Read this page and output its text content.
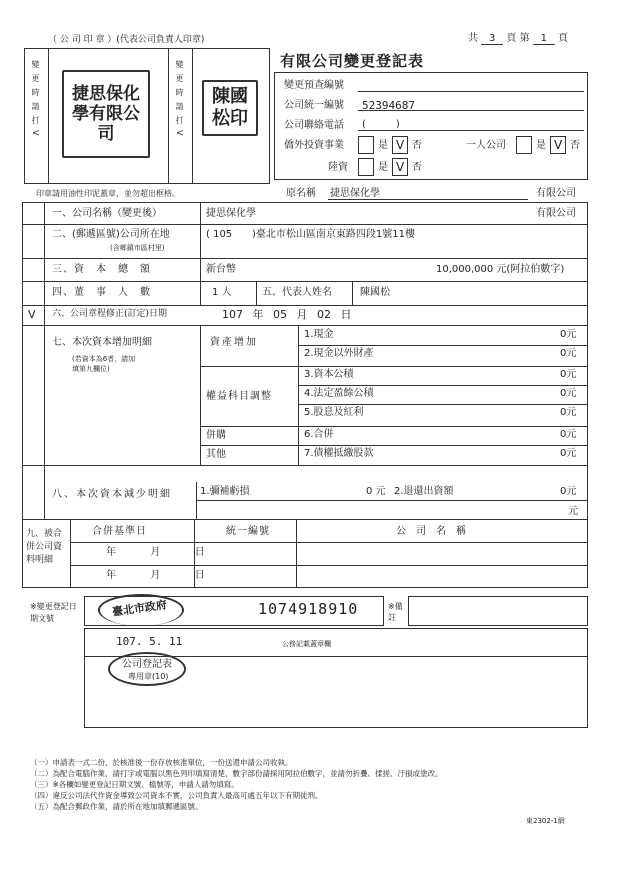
（ 公 司 印 章 ）(代表公司負責人印章)	共 3 頁 第 1 頁
變更時請打V	變更時請打V
捷思保化學有限公司
陳國松印
印章請用油性印泥蓋章，並勿超出框格。
有限公司變更登記表
變更預查編號
公司統一編號 52394687
公司聯絡電話 (　　　)
僑外投資事業	是 V 否	一人公司	是 V 否
陸資	是 V 否
原名稱 捷思保化學	有限公司
一、公司名稱（變更後）	捷思保化學	有限公司
二、(郵遞區號)公司所在地
(含鄉鎮市區村里)
( 105 )臺北市松山區南京東路四段1號11樓
三、資　本　總　額	新台幣	10,000,000 元(阿拉伯數字)
四、董　事　人　數	1 人	五、代表人姓名	陳國松
V 六、公司章程修正(訂定)日期	107 年 05 月 02 日
七、本次資本增加明細
(若資本為6者，請加填第九欄位)
資產增加
權益科目調整
併購
其他
1.現金	0元
2.現金以外財產	0元
3.資本公積	0元
4.法定盈餘公積	0元
5.股息及紅利	0元
6.合併	0元
7.債權抵繳股款	0元
八、本次資本減少明細	1.彌補虧損	0 元 2.退還出資額	0元
元
九、被合併公司資料明細
合併基準日	統一編號	公　司　名　稱
年	月	日
年	月	日
※變更登記日期文號
1074918910	※備註
公務記載蓋章欄
臺北市政府
107. 5. 11
公司登記表
專用章(10)
（一）申請表一式二份，於核准後一份存放核准單位，一份送還申請公司收執。
（二）為配合電腦作業，請打字或電腦以黑色列印填寫清楚，數字部份請採用阿拉伯數字，並請勿折疊、揉搓、汙損或塗改。
（三）※各欄如變更登記日期文號、檔號等，申請人請勿填寫。
（四）違反公司法代作資金導致公司資本不實，公司負責人最高可處五年以下有期徒刑。
（五）為配合郵政作業，請於所在地加填郵遞區號。
東2302-1網
